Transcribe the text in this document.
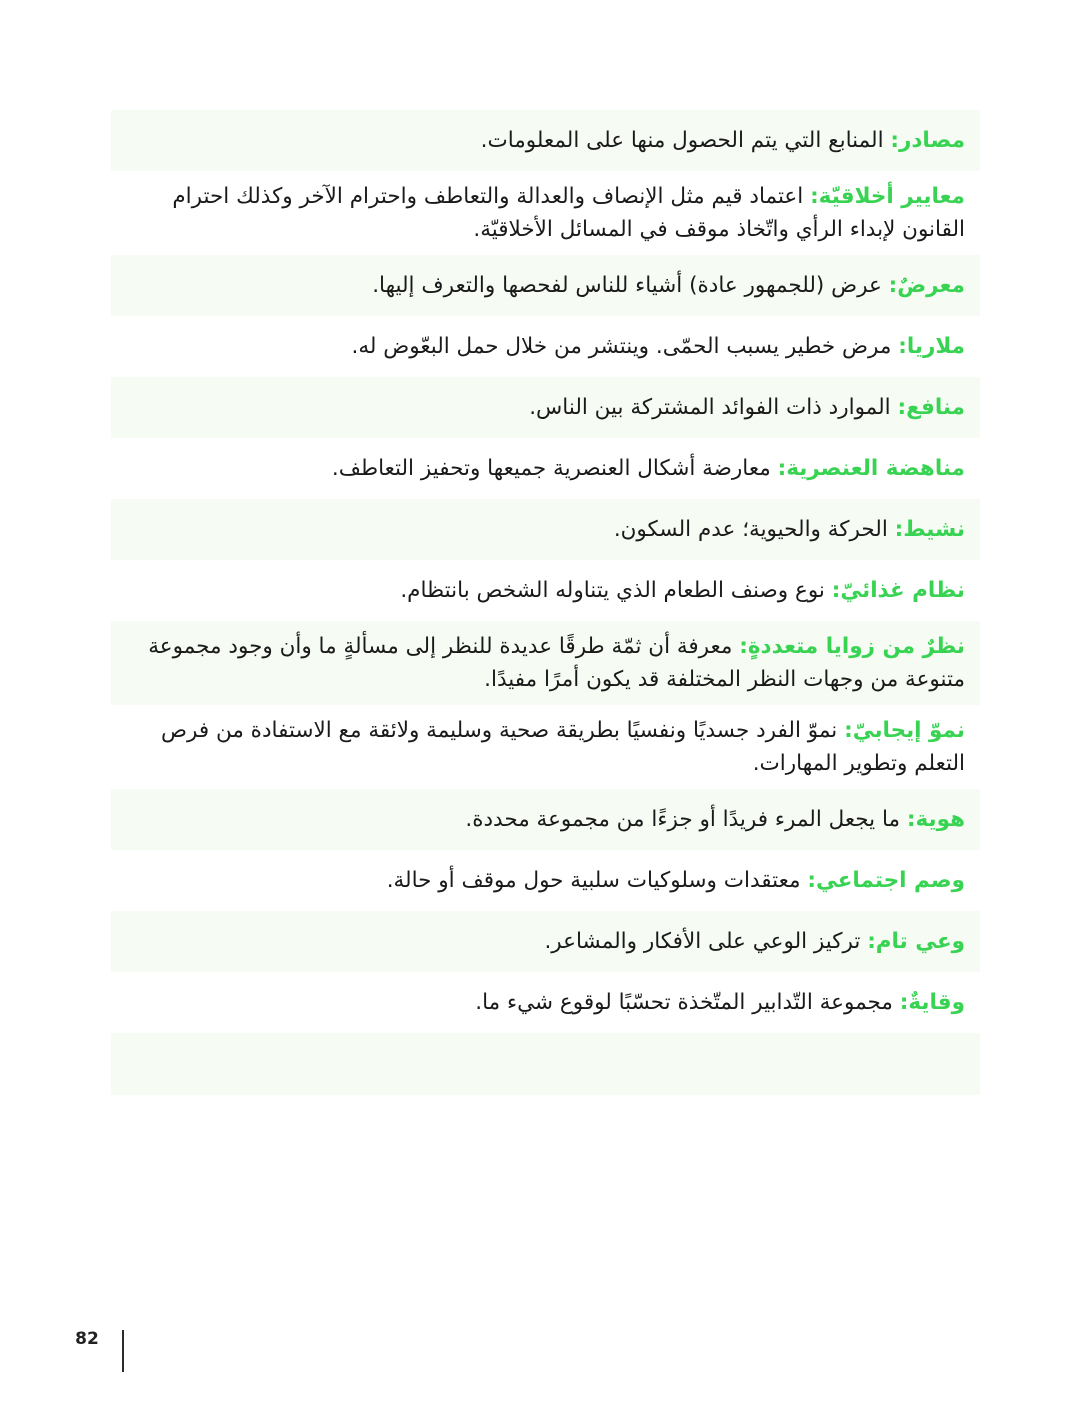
مصادر: المنابع التي يتم الحصول منها على المعلومات.
معايير أخلاقيّة: اعتماد قيم مثل الإنصاف والعدالة والتعاطف واحترام الآخر وكذلك احترام القانون لإبداء الرأي واتّخاذ موقف في المسائل الأخلاقيّة.
معرضٌ: عرض (للجمهور عادة) أشياء للناس لفحصها والتعرف إليها.
ملاريا: مرض خطير يسبب الحمّى. وينتشر من خلال حمل البعّوض له.
منافع: الموارد ذات الفوائد المشتركة بين الناس.
مناهضة العنصرية: معارضة أشكال العنصرية جميعها وتحفيز التعاطف.
نشيط: الحركة والحيوية؛ عدم السكون.
نظام غذائيّ: نوع وصنف الطعام الذي يتناوله الشخص بانتظام.
نظرٌ من زوايا متعددةٍ: معرفة أن ثمّة طرقًا عديدة للنظر إلى مسألةٍ ما وأن وجود مجموعة متنوعة من وجهات النظر المختلفة قد يكون أمرًا مفيدًا.
نموّ إيجابيّ: نموّ الفرد جسديًا ونفسيًا بطريقة صحية وسليمة ولائقة مع الاستفادة من فرص التعلم وتطوير المهارات.
هوية: ما يجعل المرء فريدًا أو جزءًا من مجموعة محددة.
وصم اجتماعي: معتقدات وسلوكيات سلبية حول موقف أو حالة.
وعي تام: تركيز الوعي على الأفكار والمشاعر.
وقايةٌ: مجموعة التّدابير المتّخذة تحسّبًا لوقوع شيء ما.
82
